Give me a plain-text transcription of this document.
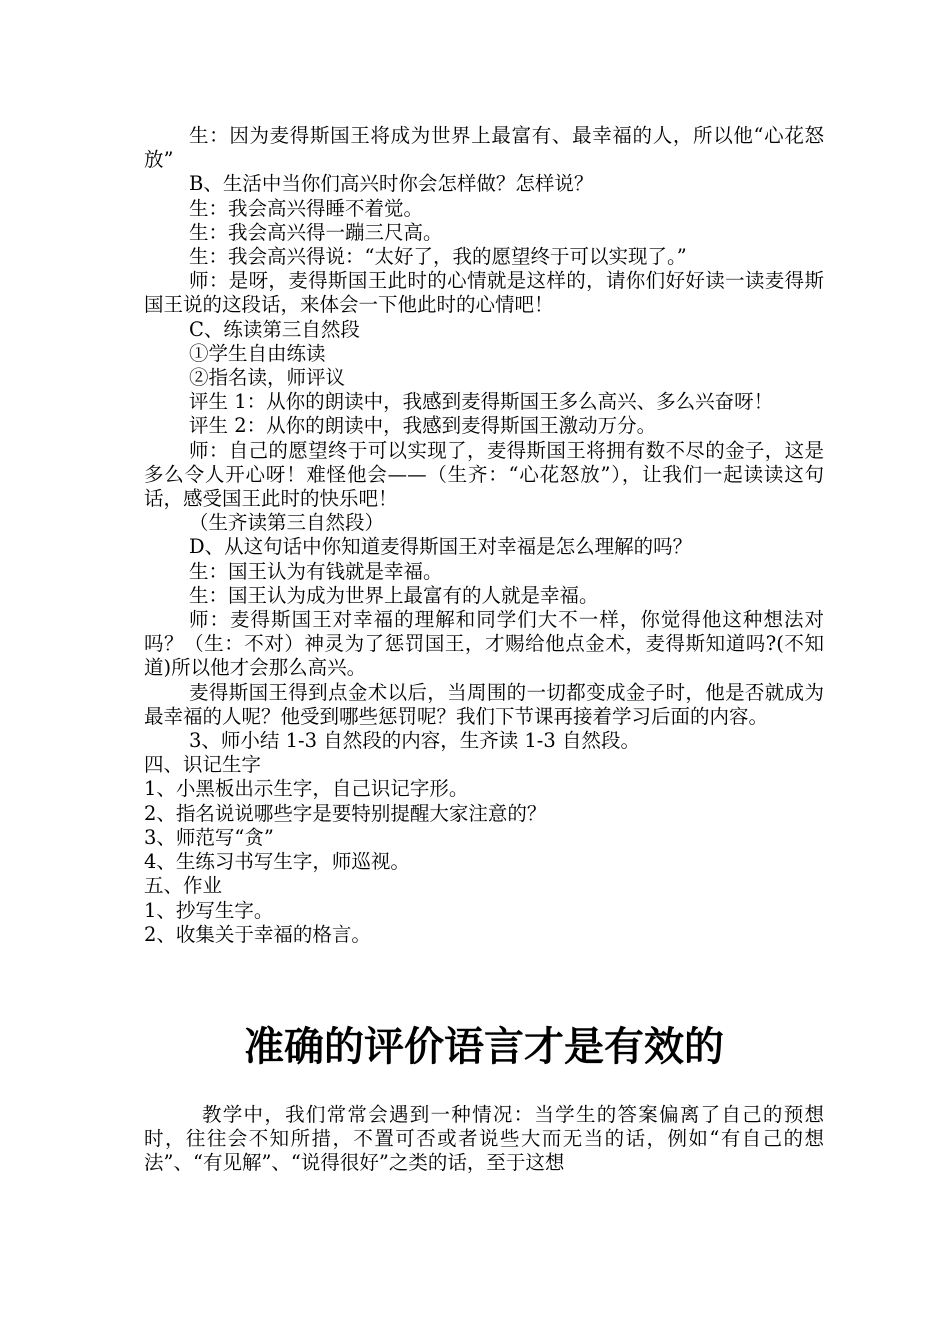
生：因为麦得斯国王将成为世界上最富有、最幸福的人，所以他“心花怒放”

B、生活中当你们高兴时你会怎样做？怎样说？

生：我会高兴得睡不着觉。

生：我会高兴得一蹦三尺高。

生：我会高兴得说：“太好了，我的愿望终于可以实现了。”

师：是呀，麦得斯国王此时的心情就是这样的，请你们好好读一读麦得斯国王说的这段话，来体会一下他此时的心情吧！

C、练读第三自然段

①学生自由练读

②指名读，师评议

评生 1：从你的朗读中，我感到麦得斯国王多么高兴、多么兴奋呀！

评生 2：从你的朗读中，我感到麦得斯国王激动万分。

师：自己的愿望终于可以实现了，麦得斯国王将拥有数不尽的金子，这是多么令人开心呀！难怪他会——（生齐：“心花怒放”），让我们一起读读这句话，感受国王此时的快乐吧！

（生齐读第三自然段）

D、从这句话中你知道麦得斯国王对幸福是怎么理解的吗？

生：国王认为有钱就是幸福。

生：国王认为成为世界上最富有的人就是幸福。

师：麦得斯国王对幸福的理解和同学们大不一样，你觉得他这种想法对吗？（生：不对）神灵为了惩罚国王，才赐给他点金术，麦得斯知道吗?(不知道)所以他才会那么高兴。

麦得斯国王得到点金术以后，当周围的一切都变成金子时，他是否就成为最幸福的人呢？他受到哪些惩罚呢？我们下节课再接着学习后面的内容。

3、师小结 1-3 自然段的内容，生齐读 1-3 自然段。

四、识记生字

1、小黑板出示生字，自己识记字形。

2、指名说说哪些字是要特别提醒大家注意的？

3、师范写“贪”

4、生练习书写生字，师巡视。

五、作业

1、抄写生字。

2、收集关于幸福的格言。

准确的评价语言才是有效的

教学中，我们常常会遇到一种情况：当学生的答案偏离了自己的预想时，往往会不知所措，不置可否或者说些大而无当的话，例如“有自己的想法”、“有见解”、“说得很好”之类的话，至于这想
